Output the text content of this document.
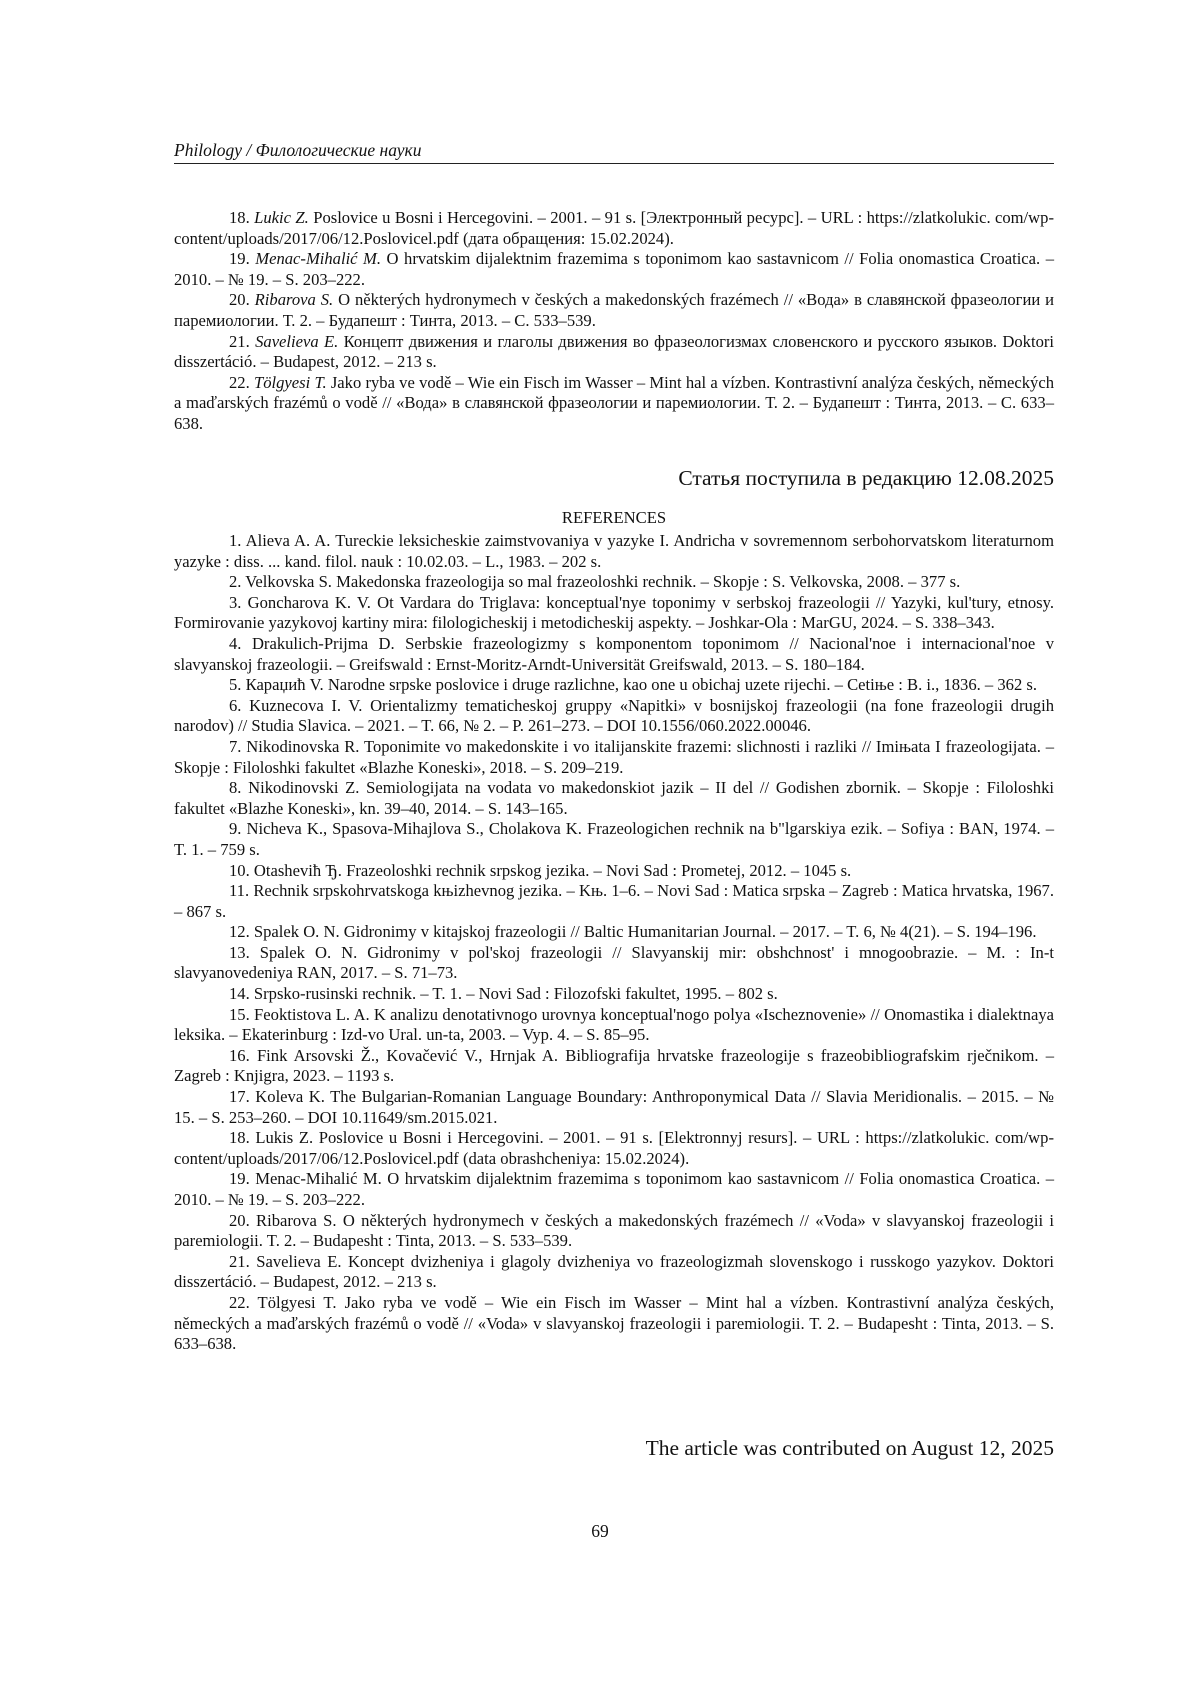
Philology / Филологические науки

18. Lukic Z. Poslovice u Bosni i Hercegovini. – 2001. – 91 s. [Электронный ресурс]. – URL : https://zlatkolukic. com/wp-content/uploads/2017/06/12.Poslovicel.pdf (дата обращения: 15.02.2024).

19. Menac-Mihalić M. O hrvatskim dijalektnim frazemima s toponimom kao sastavnicom // Folia onomastica Croatica. – 2010. – № 19. – S. 203–222.

20. Ribarova S. O některých hydronymech v českých a makedonských frazémech // «Вода» в славянской фразеологии и паремиологии. Т. 2. – Будапешт : Тинта, 2013. – С. 533–539.

21. Savelieva E. Концепт движения и глаголы движения во фразеологизмах словенского и русского языков. Doktori disszertáció. – Budapest, 2012. – 213 s.

22. Tölgyesi T. Jako ryba ve vodě – Wie ein Fisch im Wasser – Mint hal a vízben. Kontrastivní analýza českých, německých a maďarských frazémů o vodě // «Вода» в славянской фразеологии и паремиологии. Т. 2. – Будапешт : Тинта, 2013. – С. 633–638.

Статья поступила в редакцию 12.08.2025
REFERENCES

1. Alieva A. A. Tureckie leksicheskie zaimstvovaniya v yazyke I. Andricha v sovremennom serbohorvatskom literaturnom yazyke : diss. ... kand. filol. nauk : 10.02.03. – L., 1983. – 202 s.

2. Velkovska S. Makedonska frazeologija so mal frazeoloshki rechnik. – Skopje : S. Velkovska, 2008. – 377 s.

3. Goncharova K. V. Ot Vardara do Triglava: konceptual'nye toponimy v serbskoj frazeologii // Yazyki, kul'tury, etnosy. Formirovanie yazykovoj kartiny mira: filologicheskij i metodicheskij aspekty. – Joshkar-Ola : MarGU, 2024. – S. 338–343.

4. Drakulich-Prijma D. Serbskie frazeologizmy s komponentom toponimom // Nacional'noe i internacional'noe v slavyanskoj frazeologii. – Greifswald : Ernst-Moritz-Arndt-Universität Greifswald, 2013. – S. 180–184.

5. Караџић V. Narodne srpske poslovice i druge razlichne, kao one u obichaj uzete rijechi. – Cetiње : B. i., 1836. – 362 s.

6. Kuznecova I. V. Orientalizmy tematicheskoj gruppy «Napitki» v bosnijskoj frazeologii (na fone frazeologii drugih narodov) // Studia Slavica. – 2021. – T. 66, № 2. – P. 261–273. – DOI 10.1556/060.2022.00046.

7. Nikodinovska R. Toponimite vo makedonskite i vo italijanskite frazemi: slichnosti i razliki // Imiњata I frazeologijata. – Skopje : Filoloshki fakultet «Blazhe Koneski», 2018. – S. 209–219.

8. Nikodinovski Z. Semiologijata na vodata vo makedonskiot jazik – II del // Godishen zbornik. – Skopje : Filoloshki fakultet «Blazhe Koneski», kn. 39–40, 2014. – S. 143–165.

9. Nicheva K., Spasova-Mihajlova S., Cholakova K. Frazeologichen rechnik na b"lgarskiya ezik. – Sofiya : BAN, 1974. – T. 1. – 759 s.

10. Otasheviħ Ђ. Frazeoloshki rechnik srpskog jezika. – Novi Sad : Prometej, 2012. – 1045 s.

11. Rechnik srpskohrvatskoga kњizhevnog jezika. – Kњ. 1–6. – Novi Sad : Matica srpska – Zagreb : Matica hrvatska, 1967. – 867 s.

12. Spalek O. N. Gidronimy v kitajskoj frazeologii // Baltic Humanitarian Journal. – 2017. – T. 6, № 4(21). – S. 194–196.

13. Spalek O. N. Gidronimy v pol'skoj frazeologii // Slavyanskij mir: obshchnost' i mnogoobrazie. – M. : In-t slavyanovedeniya RAN, 2017. – S. 71–73.

14. Srpsko-rusinski rechnik. – T. 1. – Novi Sad : Filozofski fakultet, 1995. – 802 s.

15. Feoktistova L. A. K analizu denotativnogo urovnya konceptual'nogo polya «Ischeznovenie» // Onomastika i dialektnaya leksika. – Ekaterinburg : Izd-vo Ural. un-ta, 2003. – Vyp. 4. – S. 85–95.

16. Fink Arsovski Ž., Kovačević V., Hrnjak A. Bibliografija hrvatske frazeologije s frazeobibliografskim rječnikom. – Zagreb : Knjigra, 2023. – 1193 s.

17. Koleva K. The Bulgarian-Romanian Language Boundary: Anthroponymical Data // Slavia Meridionalis. – 2015. – № 15. – S. 253–260. – DOI 10.11649/sm.2015.021.

18. Lukis Z. Poslovice u Bosni i Hercegovini. – 2001. – 91 s. [Elektronnyj resurs]. – URL : https://zlatkolukic. com/wp-content/uploads/2017/06/12.Poslovicel.pdf (data obrashcheniya: 15.02.2024).

19. Menac-Mihalić M. O hrvatskim dijalektnim frazemima s toponimom kao sastavnicom // Folia onomastica Croatica. – 2010. – № 19. – S. 203–222.

20. Ribarova S. O některých hydronymech v českých a makedonských frazémech // «Voda» v slavyanskoj frazeologii i paremiologii. T. 2. – Budapesht : Tinta, 2013. – S. 533–539.

21. Savelieva E. Koncept dvizheniya i glagoly dvizheniya vo frazeologizmah slovenskogo i russkogo yazykov. Doktori disszertáció. – Budapest, 2012. – 213 s.

22. Tölgyesi T. Jako ryba ve vodě – Wie ein Fisch im Wasser – Mint hal a vízben. Kontrastivní analýza českých, německých a maďarských frazémů o vodě // «Voda» v slavyanskoj frazeologii i paremiologii. T. 2. – Budapesht : Tinta, 2013. – S. 633–638.

The article was contributed on August 12, 2025
69
